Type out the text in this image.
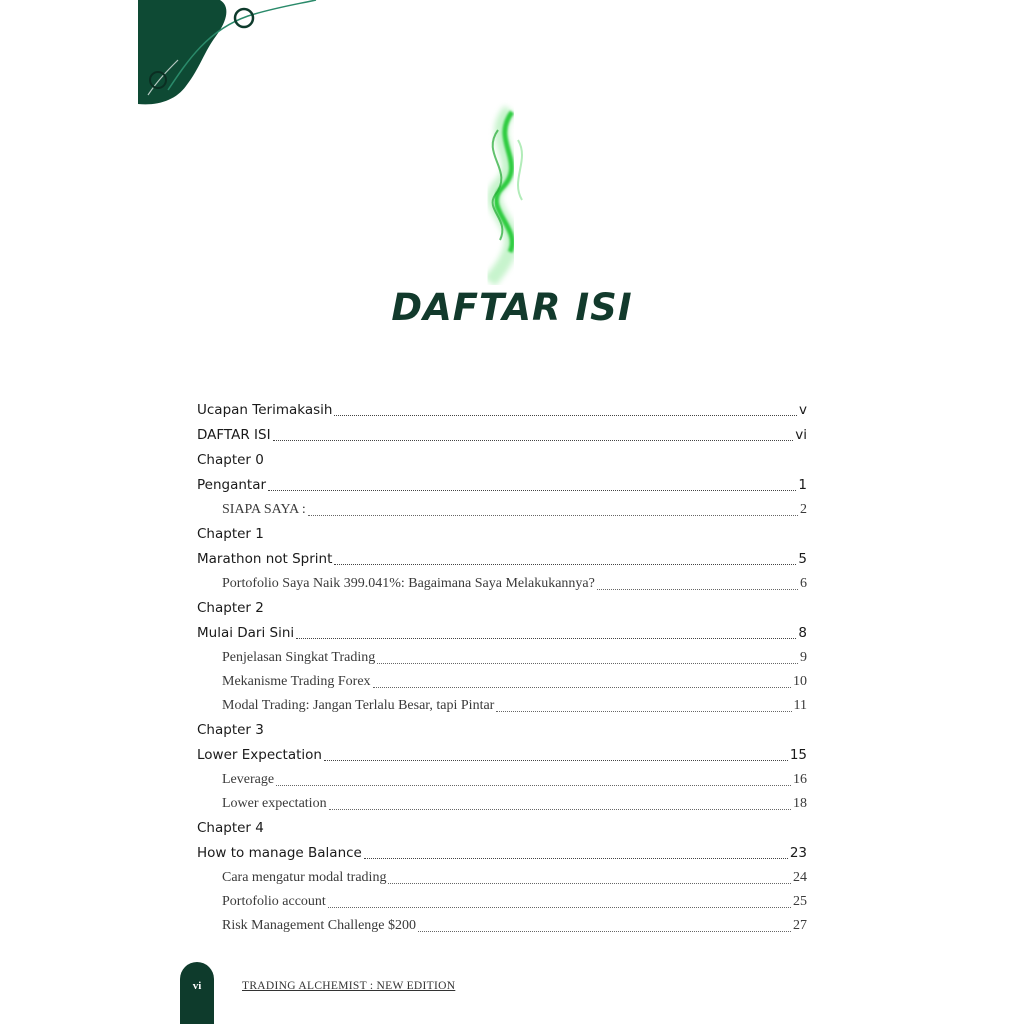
DAFTAR ISI
Ucapan Terimakasih	v
DAFTAR ISI	vi
Chapter 0
Pengantar	1
SIAPA SAYA :	2
Chapter 1
Marathon not Sprint	5
Portofolio Saya Naik 399.041%: Bagaimana Saya Melakukannya?	6
Chapter 2
Mulai Dari Sini	8
Penjelasan Singkat Trading	9
Mekanisme Trading Forex	10
Modal Trading: Jangan Terlalu Besar, tapi Pintar	11
Chapter 3
Lower Expectation	15
Leverage	16
Lower expectation	18
Chapter 4
How to manage Balance	23
Cara mengatur modal trading	24
Portofolio account	25
Risk Management Challenge $200	27
vi	TRADING ALCHEMIST : NEW EDITION
